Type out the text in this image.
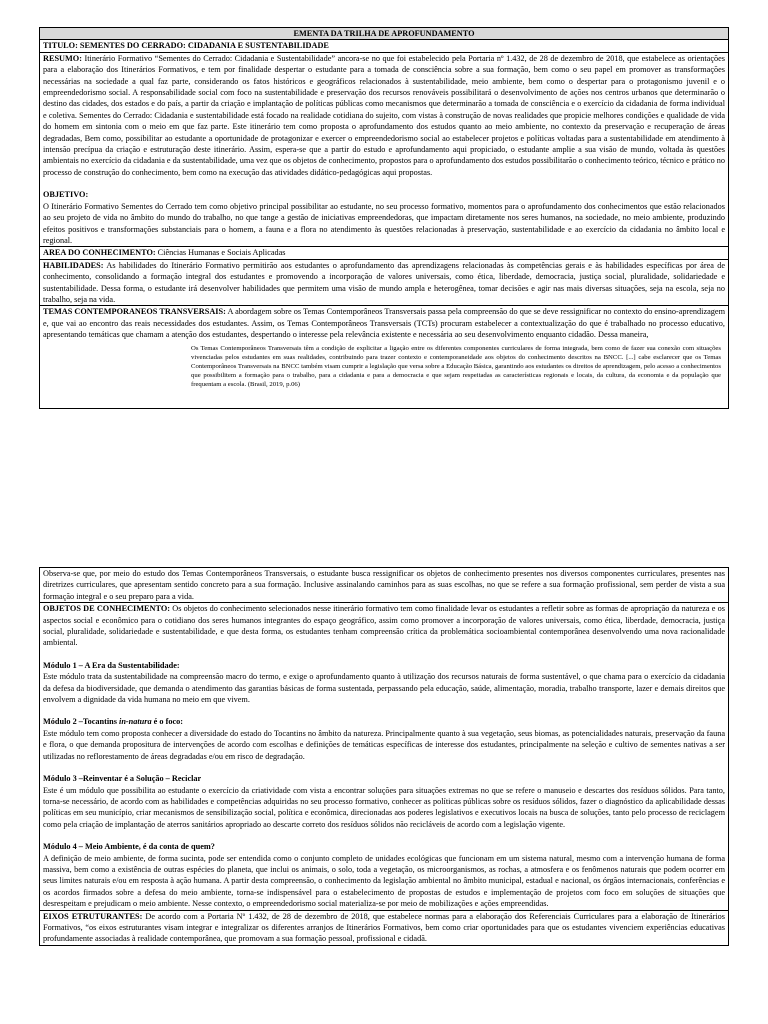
EMENTA DA TRILHA DE APROFUNDAMENTO
TITULO: SEMENTES DO CERRADO: CIDADANIA E SUSTENTABILIDADE

RESUMO: Itinerário Formativo “Sementes do Cerrado: Cidadania e Sustentabilidade” ancora-se no que foi estabelecido pela Portaria nº 1.432, de 28 de dezembro de 2018, que estabelece as orientações para a elaboração dos Itinerários Formativos, e tem por finalidade despertar o estudante para a tomada de consciência sobre a sua formação, bem como o seu papel em promover as transformações necessárias na sociedade a qual faz parte, considerando os fatos históricos e geográficos relacionados à sustentabilidade, meio ambiente, bem como o despertar para o protagonismo juvenil e o empreendedorismo social. A responsabilidade social com foco na sustentabilidade e preservação dos recursos renováveis possibilitará o desenvolvimento de ações nos centros urbanos que determinarão o destino das cidades, dos estados e do país, a partir da criação e implantação de políticas públicas como mecanismos que determinarão a tomada de consciência e o exercício da cidadania de forma individual e coletiva. Sementes do Cerrado: Cidadania e sustentabilidade está focado na realidade cotidiana do sujeito, com vistas à construção de novas realidades que propicie melhores condições e qualidade de vida do homem em sintonia com o meio em que faz parte. Este itinerário tem como proposta o aprofundamento dos estudos quanto ao meio ambiente, no contexto da preservação e recuperação de áreas degradadas, Bem como, possibilitar ao estudante a oportunidade de protagonizar e exercer o empreendedorismo social ao estabelecer projetos e políticas voltadas para a sustentabilidade em atendimento à intensão precípua da criação e estruturação deste itinerário. Assim, espera-se que a partir do estudo e aprofundamento aqui propiciado, o estudante amplie a sua visão de mundo, voltada às questões ambientais no exercício da cidadania e da sustentabilidade, uma vez que os objetos de conhecimento, propostos para o aprofundamento dos estudos possibilitarão o conhecimento teórico, técnico e prático no processo de construção do conhecimento, bem como na execução das atividades didático-pedagógicas aqui propostas.

OBJETIVO:

O Itinerário Formativo Sementes do Cerrado tem como objetivo principal possibilitar ao estudante, no seu processo formativo, momentos para o aprofundamento dos conhecimentos que estão relacionados ao seu projeto de vida no âmbito do mundo do trabalho, no que tange a gestão de iniciativas empreendedoras, que impactam diretamente nos seres humanos, na sociedade, no meio ambiente, produzindo efeitos positivos e transformações substanciais para o homem, a fauna e a flora no atendimento às questões relacionadas à preservação, sustentabilidade e ao exercício da cidadania no âmbito local e regional.

AREA DO CONHECIMENTO: Ciências Humanas e Sociais Aplicadas
HABILIDADES: As habilidades do Itinerário Formativo permitirão aos estudantes o aprofundamento das aprendizagens relacionadas às competências gerais e às habilidades específicas por área de conhecimento, consolidando a formação integral dos estudantes e promovendo a incorporação de valores universais, como ética, liberdade, democracia, justiça social, pluralidade, solidariedade e sustentabilidade. Dessa forma, o estudante irá desenvolver habilidades que permitem uma visão de mundo ampla e heterogênea, tomar decisões e agir nas mais diversas situações, seja na escola, seja no trabalho, seja na vida.
TEMAS CONTEMPORANEOS TRANSVERSAIS: A abordagem sobre os Temas Contemporâneos Transversais passa pela compreensão do que se deve ressignificar no contexto do ensino-aprendizagem e, que vai ao encontro das reais necessidades dos estudantes. Assim, os Temas Contemporâneos Transversais (TCTs) procuram estabelecer a contextualização do que é trabalhado no processo educativo, apresentando temáticas que chamam a atenção dos estudantes, despertando o interesse pela relevância existente e necessária ao seu desenvolvimento enquanto cidadão. Dessa maneira,

Os Temas Contemporâneos Transversais têm a condição de explicitar a ligação entre os diferentes componentes curriculares de forma integrada, bem como de fazer sua conexão com situações vivenciadas pelos estudantes em suas realidades, contribuindo para trazer contexto e contemporaneidade aos objetos do conhecimento descritos na BNCC. [...] cabe esclarecer que os Temas Contemporâneos Transversais na BNCC também visam cumprir a legislação que versa sobre a Educação Básica, garantindo aos estudantes os direitos de aprendizagem, pelo acesso a conhecimentos que possibilitem a formação para o trabalho, para a cidadania e para a democracia e que sejam respeitadas as características regionais e locais, da cultura, da economia e da população que frequentam a escola. (Brasil, 2019, p.06)

Observa-se que, por meio do estudo dos Temas Contemporâneos Transversais, o estudante busca ressignificar os objetos de conhecimento presentes nos diversos componentes curriculares, presentes nas diretrizes curriculares, que apresentam sentido concreto para a sua formação. Inclusive assinalando caminhos para as suas escolhas, no que se refere a sua formação profissional, sem perder de vista a sua formação integral e o seu preparo para a vida.

OBJETOS DE CONHECIMENTO: Os objetos do conhecimento selecionados nesse itinerário formativo tem como finalidade levar os estudantes a refletir sobre as formas de apropriação da natureza e os aspectos social e econômico para o cotidiano dos seres humanos integrantes do espaço geográfico, assim como promover a incorporação de valores universais, como ética, liberdade, democracia, justiça social, pluralidade, solidariedade e sustentabilidade, e que desta forma, os estudantes tenham compreensão crítica da problemática socioambiental contemporânea desenvolvendo uma nova racionalidade ambiental.

Módulo 1 – A Era da Sustentabilidade:

Este módulo trata da sustentabilidade na compreensão macro do termo, e exige o aprofundamento quanto à utilização dos recursos naturais de forma sustentável, o que chama para o exercício da cidadania da defesa da biodiversidade, que demanda o atendimento das garantias básicas de forma sustentada, perpassando pela educação, saúde, alimentação, moradia, trabalho transporte, lazer e demais direitos que envolvem a dignidade da vida humana no meio em que vivem.

Módulo 2 –Tocantins in-natura é o foco:

Este módulo tem como proposta conhecer a diversidade do estado do Tocantins no âmbito da natureza. Principalmente quanto à sua vegetação, seus biomas, as potencialidades naturais, preservação da fauna e flora, o que demanda propositura de intervenções de acordo com escolhas e definições de temáticas específicas de interesse dos estudantes, principalmente na seleção e cultivo de sementes nativas a ser utilizadas no reflorestamento de áreas degradadas e/ou em risco de degradação.

Módulo 3 –Reinventar é a Solução – Reciclar

Este é um módulo que possibilita ao estudante o exercício da criatividade com vista a encontrar soluções para situações extremas no que se refere o manuseio e descartes dos resíduos sólidos. Para tanto, torna-se necessário, de acordo com as habilidades e competências adquiridas no seu processo formativo, conhecer as políticas públicas sobre os resíduos sólidos, fazer o diagnóstico da aplicabilidade dessas políticas em seu município, criar mecanismos de sensibilização social, política e econômica, direcionadas aos poderes legislativos e executivos locais na busca de soluções, tanto pelo processo de reciclagem como pela criação de implantação de aterros sanitários apropriado ao descarte correto dos resíduos sólidos não recicláveis de acordo com a legislação vigente.

Módulo 4 – Meio Ambiente, é da conta de quem?

A definição de meio ambiente, de forma sucinta, pode ser entendida como o conjunto completo de unidades ecológicas que funcionam em um sistema natural, mesmo com a intervenção humana de forma massiva, bem como a existência de outras espécies do planeta, que inclui os animais, o solo, toda a vegetação, os microorganismos, as rochas, a atmosfera e os fenômenos naturais que podem ocorrer em seus limites naturais e/ou em resposta à ação humana. A partir desta compreensão, o conhecimento da legislação ambiental no âmbito municipal, estadual e nacional, os órgãos internacionais, conferências e os acordos firmados sobre a defesa do meio ambiente, torna-se indispensável para o estabelecimento de propostas de estudos e implementação de projetos com foco em soluções de situações que desrespeitam e prejudicam o meio ambiente. Nesse contexto, o empreendedorismo social materializa-se por meio de mobilizações e ações empreendidas.

EIXOS ETRUTURANTES: De acordo com a Portaria Nº 1.432, de 28 de dezembro de 2018, que estabelece normas para a elaboração dos Referenciais Curriculares para a elaboração de Itinerários Formativos, “os eixos estruturantes visam integrar e integralizar os diferentes arranjos de Itinerários Formativos, bem como criar oportunidades para que os estudantes vivenciem experiências educativas profundamente associadas à realidade contemporânea, que promovam a sua formação pessoal, profissional e cidadã.
